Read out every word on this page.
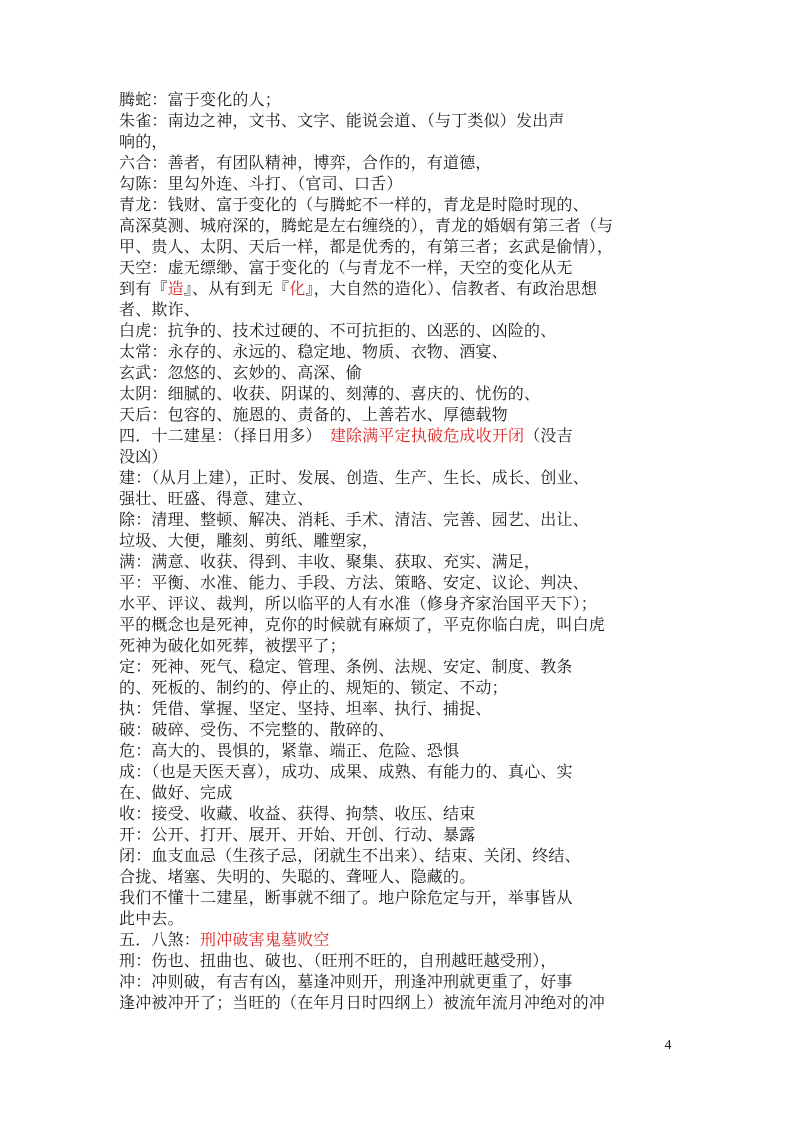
腾蛇：富于变化的人；
朱雀：南边之神，文书、文字、能说会道、（与丁类似）发出声
响的，
六合：善者，有团队精神，博弈，合作的，有道德，
勾陈：里勾外连、斗打、（官司、口舌）
青龙：钱财、富于变化的（与腾蛇不一样的，青龙是时隐时现的、
高深莫测、城府深的，腾蛇是左右缠绕的），青龙的婚姻有第三者（与
甲、贵人、太阴、天后一样，都是优秀的，有第三者；玄武是偷情），
天空：虚无缥缈、富于变化的（与青龙不一样，天空的变化从无
到有『造』、从有到无『化』，大自然的造化）、信教者、有政治思想
者、欺诈、
白虎：抗争的、技术过硬的、不可抗拒的、凶恶的、凶险的、
太常：永存的、永远的、稳定地、物质、衣物、酒宴、
玄武：忽悠的、玄妙的、高深、偷
太阴：细腻的、收获、阴谋的、刻薄的、喜庆的、忧伤的、
天后：包容的、施恩的、责备的、上善若水、厚德载物
四．十二建星：（择日用多）　建除满平定执破危成收开闭（没吉
没凶）
建：（从月上建），正时、发展、创造、生产、生长、成长、创业、
强壮、旺盛、得意、建立、
除：清理、整顿、解决、消耗、手术、清洁、完善、园艺、出让、
垃圾、大便，雕刻、剪纸、雕塑家，
满：满意、收获、得到、丰收、聚集、获取、充实、满足，
平：平衡、水准、能力、手段、方法、策略、安定、议论、判决、
水平、评议、裁判，所以临平的人有水准（修身齐家治国平天下）；
平的概念也是死神，克你的时候就有麻烦了，平克你临白虎，叫白虎
死神为破化如死葬，被摆平了；
定：死神、死气、稳定、管理、条例、法规、安定、制度、教条
的、死板的、制约的、停止的、规矩的、锁定、不动；
执：凭借、掌握、坚定、坚持、坦率、执行、捕捉、
破：破碎、受伤、不完整的、散碎的、
危：高大的、畏惧的，紧靠、端正、危险、恐惧
成：（也是天医天喜），成功、成果、成熟、有能力的、真心、实
在、做好、完成
收：接受、收藏、收益、获得、拘禁、收压、结束
开：公开、打开、展开、开始、开创、行动、暴露
闭：血支血忌（生孩子忌，闭就生不出来）、结束、关闭、终结、
合拢、堵塞、失明的、失聪的、聋哑人、隐藏的。
我们不懂十二建星，断事就不细了。地户除危定与开，举事皆从
此中去。
五．八煞：刑冲破害鬼墓败空
刑：伤也、扭曲也、破也、（旺刑不旺的，自刑越旺越受刑），
冲：冲则破，有吉有凶，墓逢冲则开，刑逢冲刑就更重了，好事
逢冲被冲开了；当旺的（在年月日时四纲上）被流年流月冲绝对的冲
4
